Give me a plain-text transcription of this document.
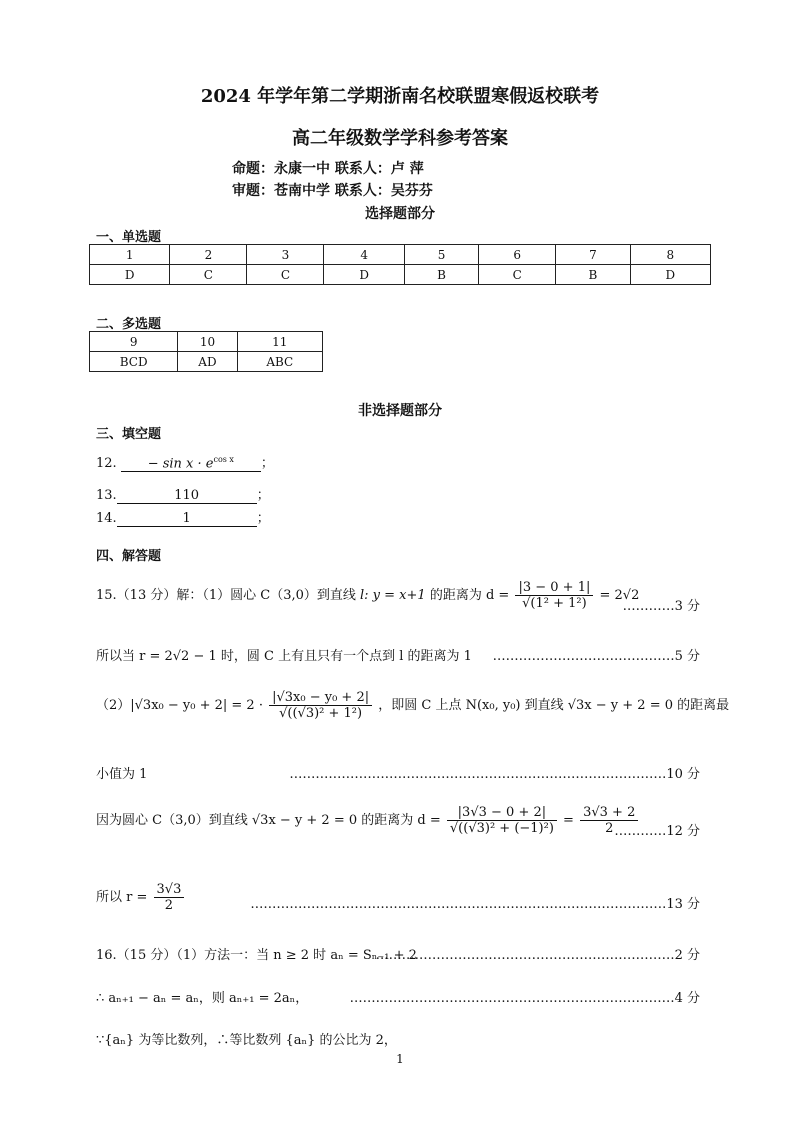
2024 年学年第二学期浙南名校联盟寒假返校联考
高二年级数学学科参考答案
命题：永康一中 联系人：卢 萍
审题：苍南中学 联系人：吴芬芬
选择题部分
一、单选题
1	2	3	4	5	6	7	8
D	C	C	D	B	C	B	D
二、多选题
9	10	11
BCD	AD	ABC
非选择题部分
三、填空题
12. − $\sin x \cdot e^{cos x}$ ；
13.	110	；
14.	1	；
四、解答题
15.（13 分）解：（1）圆心 C（3,0）到直线 l: y = x+1 的距离为 $d = \frac{|3 - 0 + 1|}{\text{√(1² + 1²)}} = 2√2$
…………3 分
所以当 r = 2√2 − 1 时，圆 C 上有且只有一个点到 l 的距离为 1 ……………………………………5 分
$(2)|√3x_0 - y_0 + 2| = 2 \cdot \frac{\text{|√3x₀ − y₀ + 2|}}{\text{√((√3)² + 1²)}}$ ，即圆 C 上点 N(x₀, y₀) 到直线 √3x − y + 2 = 0 的距离最
小值为 1	……………………………………………………………………………10 分
因为圆心 C（3,0）到直线 √3x − y + 2 = 0 的距离为 $d = \frac{|3√3 - 0 + 2|}{\text{√((√3)² + (−1)²)}} = \frac{3√3 + 2}{2}$
…………12 分
所以 $r = \frac{3√3}{2}$	……………………………………………………………………………………13 分
16.（15 分）（1）方法一：当 n ≥ 2 时 aₙ = Sₙ₋₁ + 2
……………………………………………………………2 分
∴ aₙ₊₁ − aₙ = aₙ，则 aₙ₊₁ = 2aₙ，	…………………………………………………………………4 分
∵{aₙ} 为等比数列，∴等比数列 {aₙ} 的公比为 2，
1
